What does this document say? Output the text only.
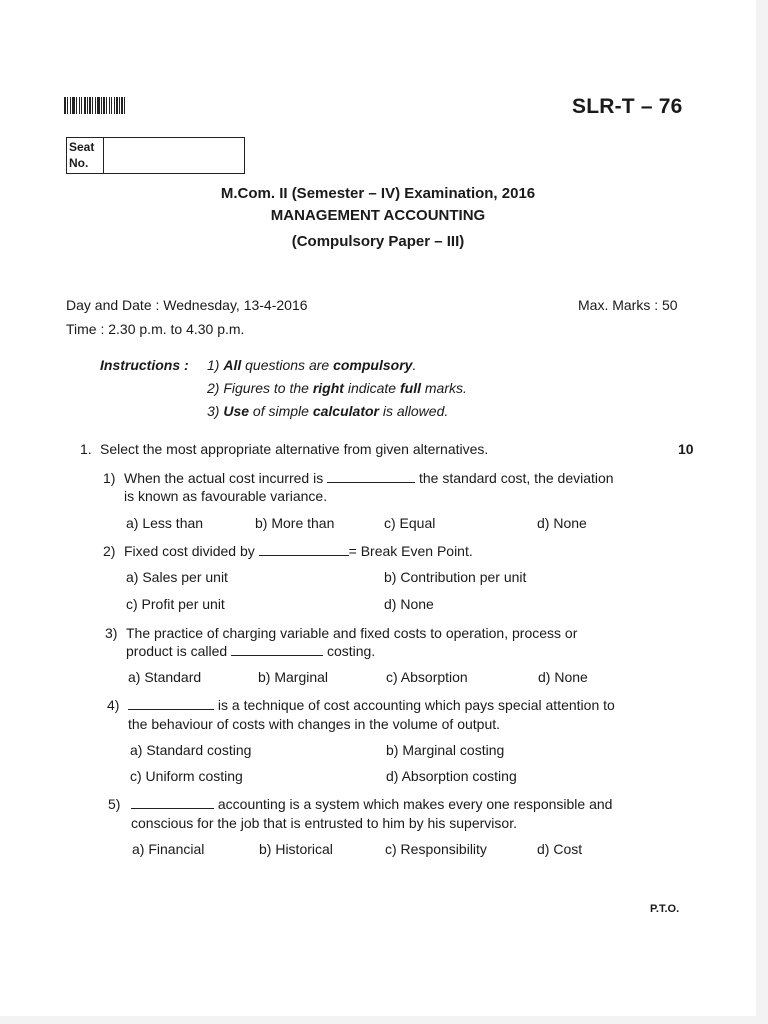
SLR-T – 76
Seat
No.
M.Com. II (Semester – IV) Examination, 2016
MANAGEMENT ACCOUNTING
(Compulsory Paper – III)
Day and Date : Wednesday, 13-4-2016	Max. Marks : 50
Time : 2.30 p.m. to 4.30 p.m.
Instructions : 1) All questions are compulsory.
2) Figures to the right indicate full marks.
3) Use of simple calculator is allowed.
1. Select the most appropriate alternative from given alternatives.	10
1) When the actual cost incurred is	the standard cost, the deviation
is known as favourable variance.
a) Less than	b) More than	c) Equal	d) None
2) Fixed cost divided by	= Break Even Point.
a) Sales per unit	b) Contribution per unit
c) Profit per unit	d) None
3) The practice of charging variable and fixed costs to operation, process or
product is called	costing.
a) Standard	b) Marginal	c) Absorption	d) None
4)	is a technique of cost accounting which pays special attention to
the behaviour of costs with changes in the volume of output.
a) Standard costing	b) Marginal costing
c) Uniform costing	d) Absorption costing
5)	accounting is a system which makes every one responsible and
conscious for the job that is entrusted to him by his supervisor.
a) Financial	b) Historical	c) Responsibility	d) Cost
P.T.O.
